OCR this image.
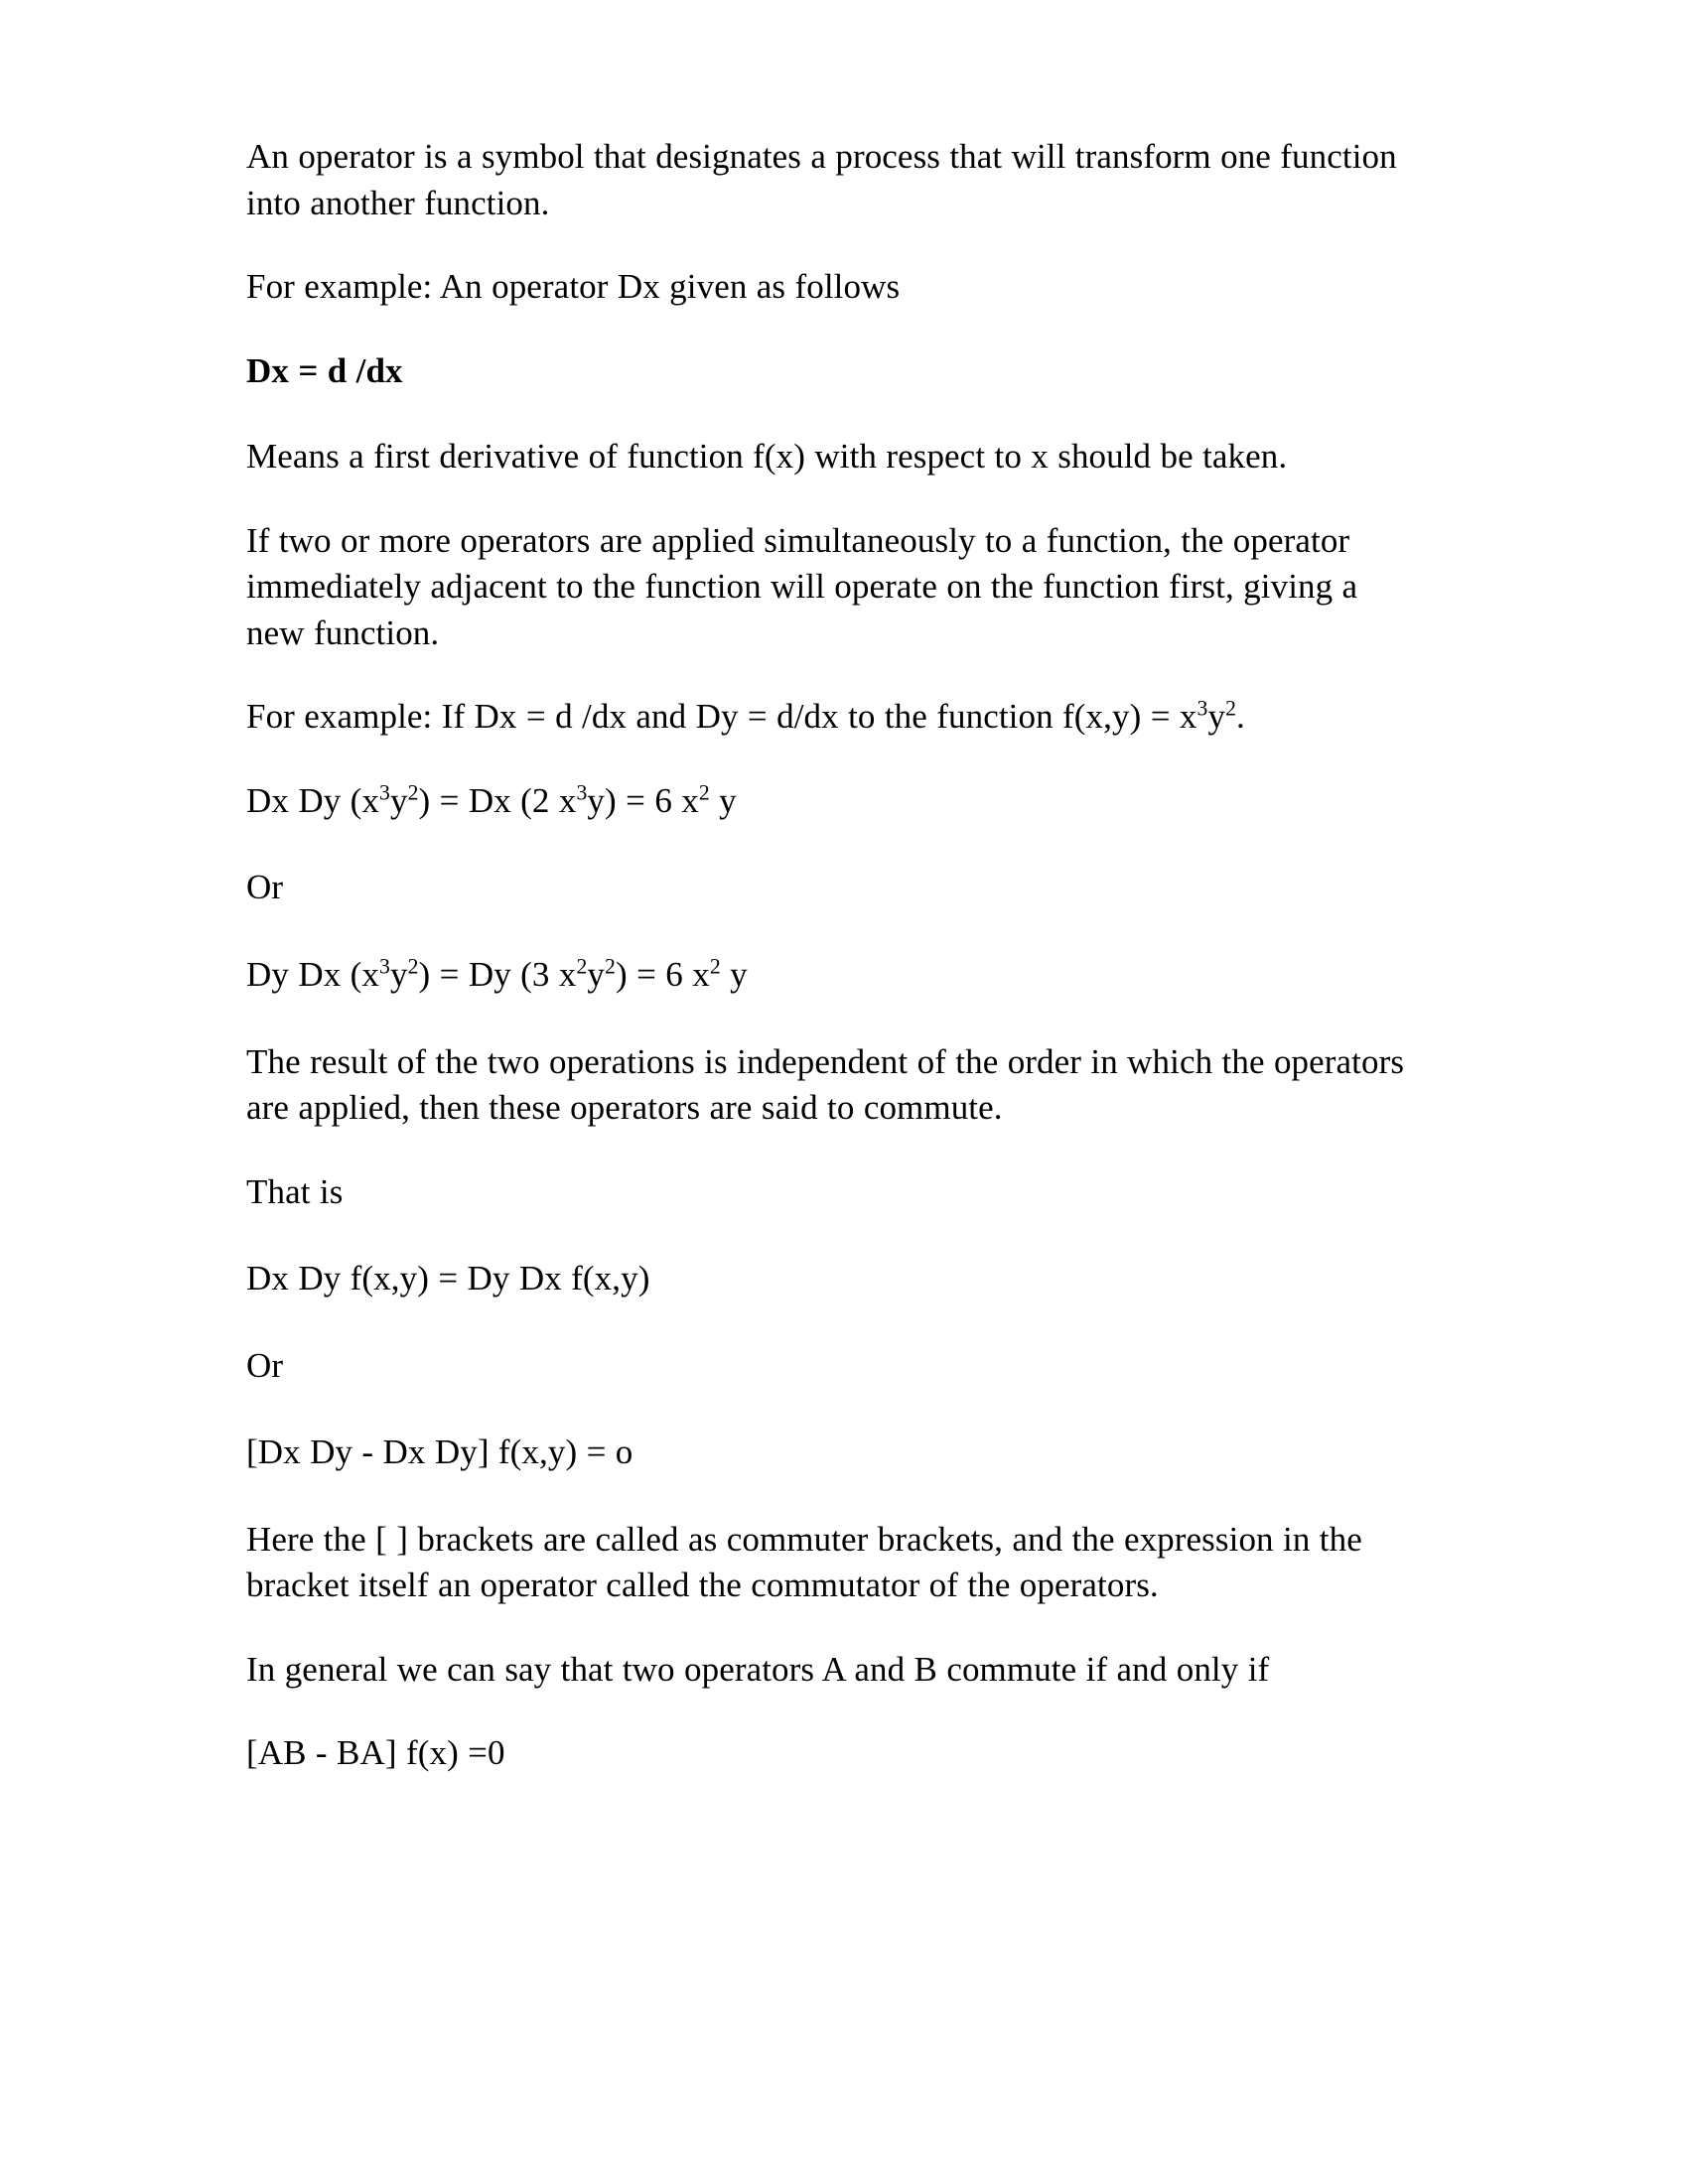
An operator is a symbol that designates a process that will transform one function into another function.

For example: An operator Dx given as follows

Dx = d /dx

Means a first derivative of function f(x) with respect to x should be taken.

If two or more operators are applied simultaneously to a function, the operator immediately adjacent to the function will operate on the function first, giving a new function.

For example: If Dx = d /dx and Dy = d/dx to the function $f(x,y) = x^3y^2$.

Dx Dy $(x^3y^2) = Dx$ (2 $x^3y) = 6$ $x^2$ y

Or

Dy Dx $(x^3y^2) = Dy$ (3 $x^2y^2) = 6$ $x^2$ y

The result of the two operations is independent of the order in which the operators are applied, then these operators are said to commute.

That is

Dx Dy f(x,y) = Dy Dx f(x,y)

Or

[Dx Dy - Dx Dy] f(x,y) = o

Here the [ ] brackets are called as commuter brackets, and the expression in the bracket itself an operator called the commutator of the operators.

In general we can say that two operators A and B commute if and only if

[AB - BA] f(x) =0
